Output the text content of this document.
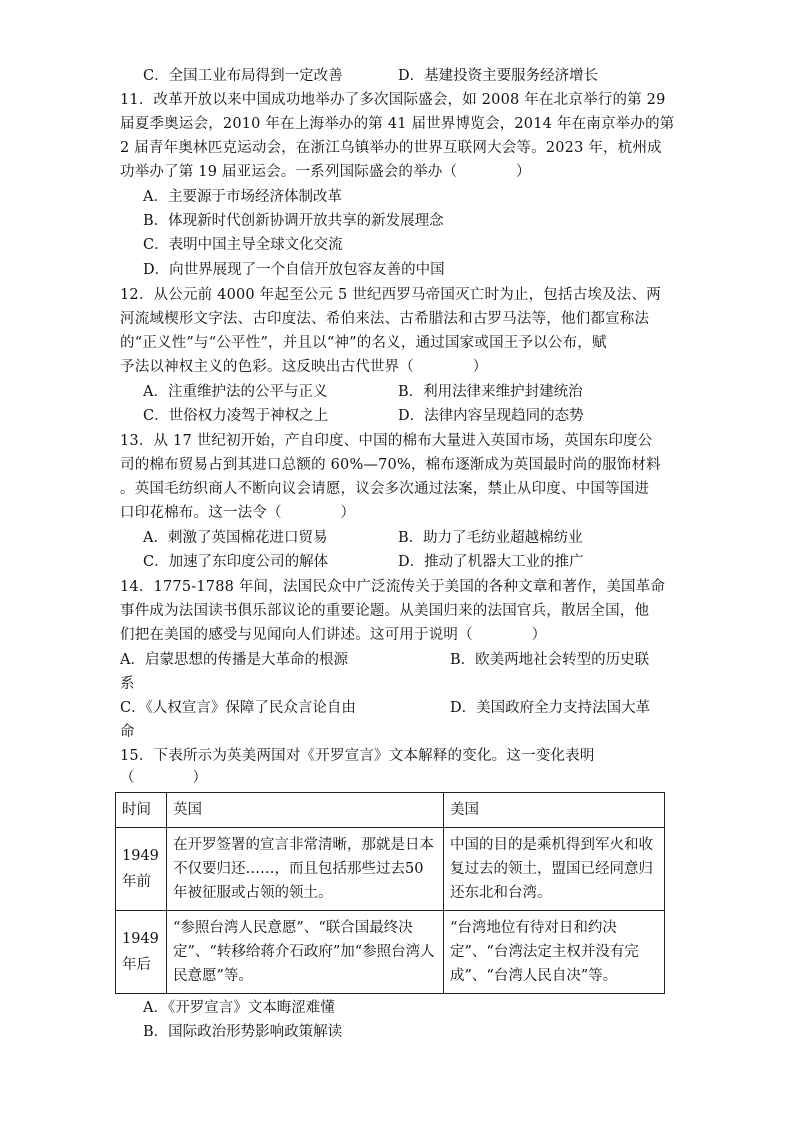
C．全国工业布局得到一定改善	D．基建投资主要服务经济增长
11．改革开放以来中国成功地举办了多次国际盛会，如 2008 年在北京举行的第 29
届夏季奥运会，2010 年在上海举办的第 41 届世界博览会，2014 年在南京举办的第
2 届青年奥林匹克运动会，在浙江乌镇举办的世界互联网大会等。2023 年，杭州成
功举办了第 19 届亚运会。一系列国际盛会的举办（　　　　）
A．主要源于市场经济体制改革
B．体现新时代创新协调开放共享的新发展理念
C．表明中国主导全球文化交流
D．向世界展现了一个自信开放包容友善的中国
12．从公元前 4000 年起至公元 5 世纪西罗马帝国灭亡时为止，包括古埃及法、两
河流域楔形文字法、古印度法、希伯来法、古希腊法和古罗马法等，他们都宣称法
的“正义性”与“公平性”，并且以“神”的名义，通过国家或国王予以公布，赋
予法以神权主义的色彩。这反映出古代世界（　　　　）
A．注重维护法的公平与正义	B．利用法律来维护封建统治
C．世俗权力凌驾于神权之上	D．法律内容呈现趋同的态势
13．从 17 世纪初开始，产自印度、中国的棉布大量进入英国市场，英国东印度公
司的棉布贸易占到其进口总额的 60%—70%，棉布逐渐成为英国最时尚的服饰材料
。英国毛纺织商人不断向议会请愿，议会多次通过法案，禁止从印度、中国等国进
口印花棉布。这一法令（　　　　）
A．刺激了英国棉花进口贸易	B．助力了毛纺业超越棉纺业
C．加速了东印度公司的解体	D．推动了机器大工业的推广
14．1775-1788 年间，法国民众中广泛流传关于美国的各种文章和著作，美国革命
事件成为法国读书俱乐部议论的重要论题。从美国归来的法国官兵，散居全国，他
们把在美国的感受与见闻向人们讲述。这可用于说明（　　　　）
A．启蒙思想的传播是大革命的根源	B．欧美两地社会转型的历史联
系
C．《人权宣言》保障了民众言论自由	D．美国政府全力支持法国大革
命
15．下表所示为英美两国对《开罗宣言》文本解释的变化。这一变化表明
（　　　　）
时间	英国	美国
1949年前	在开罗签署的宣言非常清晰，那就是日本不仅要归还……，而且包括那些过去50年被征服或占领的领土。	中国的目的是乘机得到军火和收复过去的领土，盟国已经同意归还东北和台湾。
1949年后	“参照台湾人民意愿”、“联合国最终决定”、“转移给蒋介石政府”加“参照台湾人民意愿”等。	“台湾地位有待对日和约决定”、“台湾法定主权并没有完成”、“台湾人民自决”等。
A．《开罗宣言》文本晦涩难懂
B．国际政治形势影响政策解读
